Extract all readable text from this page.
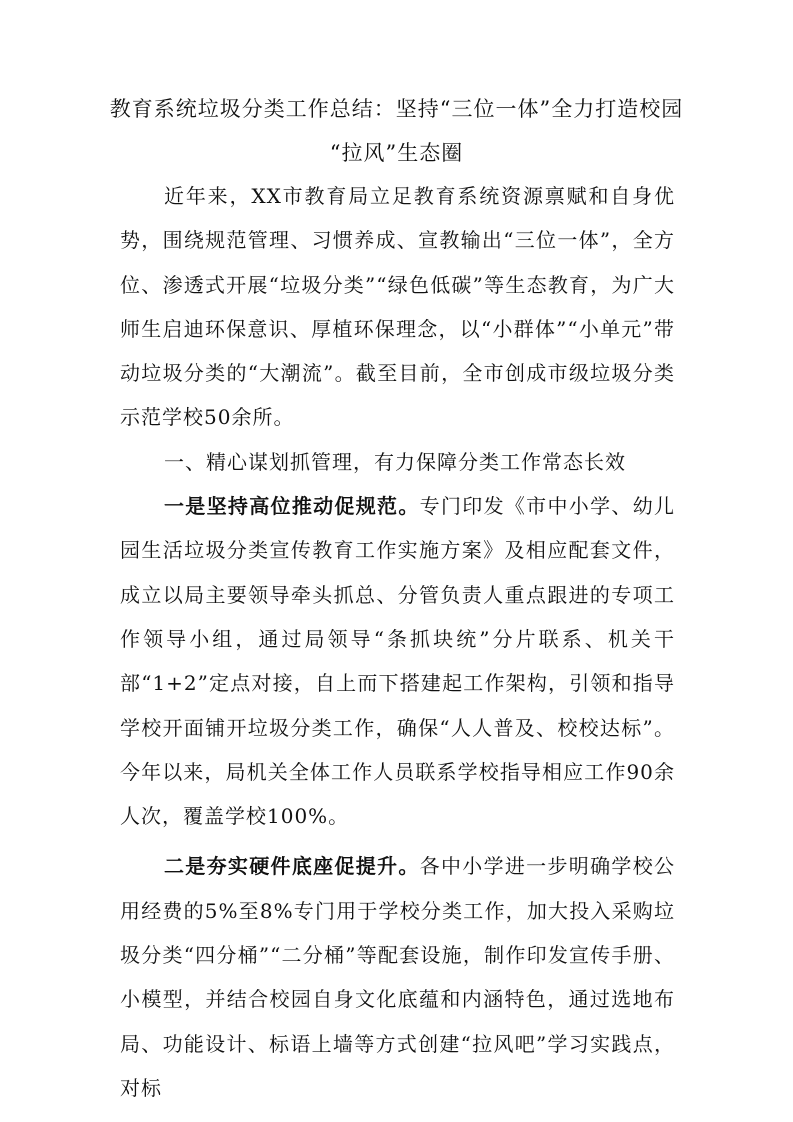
教育系统垃圾分类工作总结：坚持“三位一体”全力打造校园
“拉风”生态圈

近年来，XX市教育局立足教育系统资源禀赋和自身优势，围绕规范管理、习惯养成、宣教输出“三位一体”，全方位、渗透式开展“垃圾分类”“绿色低碳”等生态教育，为广大师生启迪环保意识、厚植环保理念，以“小群体”“小单元”带动垃圾分类的“大潮流”。截至目前，全市创成市级垃圾分类示范学校50余所。

一、精心谋划抓管理，有力保障分类工作常态长效

一是坚持高位推动促规范。专门印发《市中小学、幼儿园生活垃圾分类宣传教育工作实施方案》及相应配套文件，成立以局主要领导牵头抓总、分管负责人重点跟进的专项工作领导小组，通过局领导“条抓块统”分片联系、机关干部“1+2”定点对接，自上而下搭建起工作架构，引领和指导学校开面铺开垃圾分类工作，确保“人人普及、校校达标”。今年以来，局机关全体工作人员联系学校指导相应工作90余人次，覆盖学校100%。

二是夯实硬件底座促提升。各中小学进一步明确学校公用经费的5%至8%专门用于学校分类工作，加大投入采购垃圾分类“四分桶”“二分桶”等配套设施，制作印发宣传手册、小模型，并结合校园自身文化底蕴和内涵特色，通过选地布局、功能设计、标语上墙等方式创建“拉风吧”学习实践点，对标
